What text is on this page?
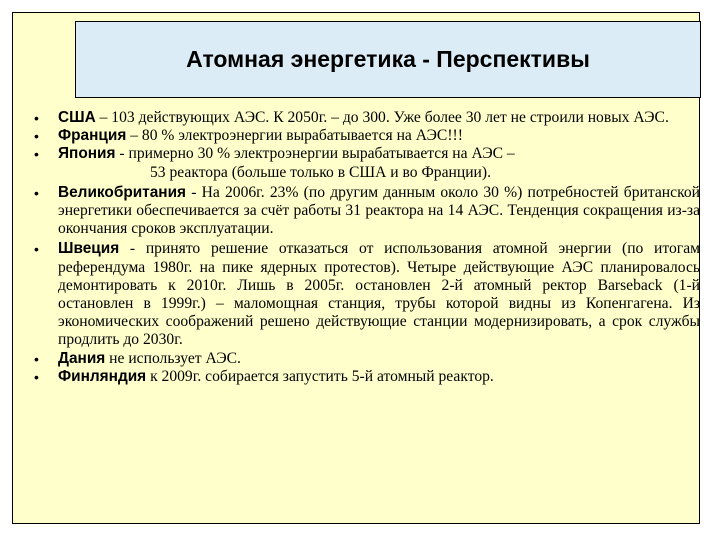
Атомная энергетика - Перспективы
• США – 103 действующих АЭС. К 2050г. – до 300. Уже более 30 лет не строили новых АЭС.
• Франция – 80 % электроэнергии вырабатывается на АЭС!!!
• Япония - примерно 30 % электроэнергии вырабатывается на АЭС –
53 реактора (больше только в США и во Франции).
• Великобритания - На 2006г. 23% (по другим данным около 30 %) потребностей британской энергетики обеспечивается за счёт работы 31 реактора на 14 АЭС. Тенденция сокращения из-за окончания сроков эксплуатации.
• Швеция - принято решение отказаться от использования атомной энергии (по итогам референдума 1980г. на пике ядерных протестов). Четыре действующие АЭС планировалось демонтировать к 2010г. Лишь в 2005г. остановлен 2-й атомный ректор Barseback (1-й остановлен в 1999г.) – маломощная станция, трубы которой видны из Копенгагена. Из экономических соображений решено действующие станции модернизировать, а срок службы продлить до 2030г.
• Дания не использует АЭС.
• Финляндия к 2009г. собирается запустить 5-й атомный реактор.
